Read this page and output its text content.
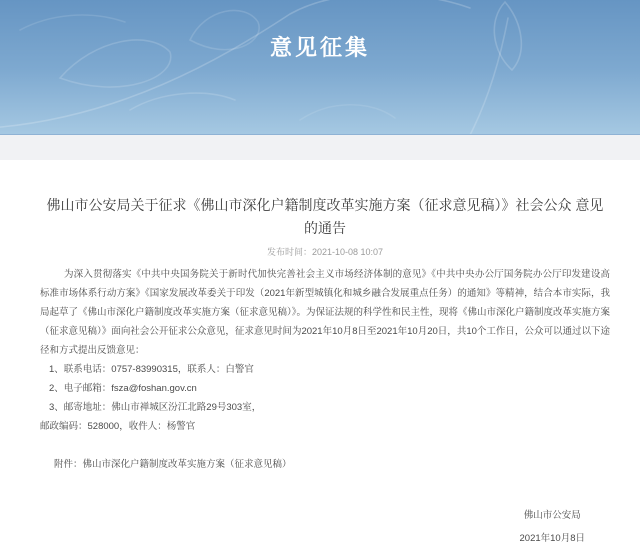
意见征集
佛山市公安局关于征求《佛山市深化户籍制度改革实施方案（征求意见稿）》社会公众 意见的通告
发布时间：2021-10-08 10:07

为深入贯彻落实《中共中央国务院关于新时代加快完善社会主义市场经济体制的意见》《中共中央办公厅国务院办公厅印发建设高标准市场体系行动方案》《国家发展改革委关于印发（2021年新型城镇化和城乡融合发展重点任务）的通知》等精神，结合本市实际，我局起草了《佛山市深化户籍制度改革实施方案（征求意见稿）》。为保证法规的科学性和民主性，现将《佛山市深化户籍制度改革实施方案（征求意见稿）》面向社会公开征求公众意见，征求意见时间为2021年10月8日至2021年10月20日，共10个工作日，公众可以通过以下途径和方式提出反馈意见：

1、联系电话：0757-83990315，联系人：白警官

2、电子邮箱：fsza@foshan.gov.cn

3、邮寄地址：佛山市禅城区汾江北路29号303室，

邮政编码：528000，收件人：杨警官

附件：佛山市深化户籍制度改革实施方案（征求意见稿）

佛山市公安局
2021年10月8日
